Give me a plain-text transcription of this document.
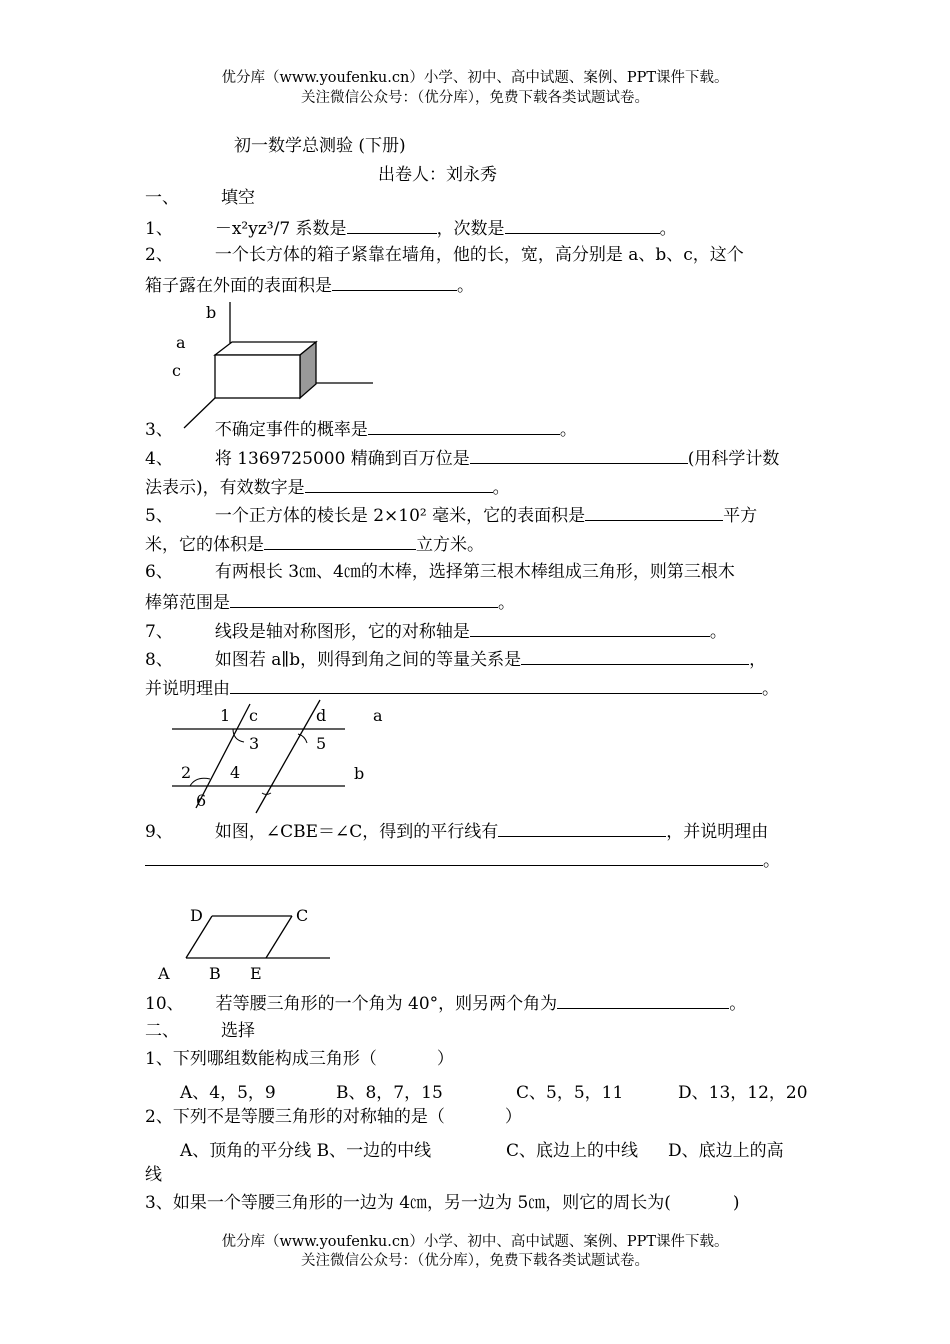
优分库（www.youfenku.cn）小学、初中、高中试题、案例、PPT课件下载。
关注微信公众号：（优分库），免费下载各类试题试卷。
初一数学总测验 (下册)
出卷人：刘永秀
一、 填空
1、 －x²yz³/7 系数是	，次数是	。
2、 一个长方体的箱子紧靠在墙角，他的长，宽，高分别是 a、b、c，这个
箱子露在外面的表面积是	。
b
a
c
3、 不确定事件的概率是	。
4、 将 1369725000 精确到百万位是	(用科学计数
法表示)，有效数字是	。
5、 一个正方体的棱长是 2×10² 毫米，它的表面积是	平方
米，它的体积是	立方米。
6、 有两根长 3㎝、4㎝的木棒，选择第三根木棒组成三角形，则第三根木
棒第范围是	。
7、 线段是轴对称图形，它的对称轴是	。
8、 如图若 a∥b，则得到角之间的等量关系是	，
并说明理由	。
1 c	d	a
3	5
2 4	b
6
9、 如图，∠CBE＝∠C，得到的平行线有	，并说明理由
。
D	C
A B E
10、 若等腰三角形的一个角为 40°，则另两个角为	。
二、 选择
1、下列哪组数能构成三角形（	）
A、4，5，9	B、8，7，15	C、5，5，11	D、13，12，20
2、下列不是等腰三角形的对称轴的是（	）
A、顶角的平分线 B、一边的中线	C、底边上的中线 D、底边上的高
线
3、如果一个等腰三角形的一边为 4㎝，另一边为 5㎝，则它的周长为(	)
优分库（www.youfenku.cn）小学、初中、高中试题、案例、PPT课件下载。
关注微信公众号：（优分库），免费下载各类试题试卷。
